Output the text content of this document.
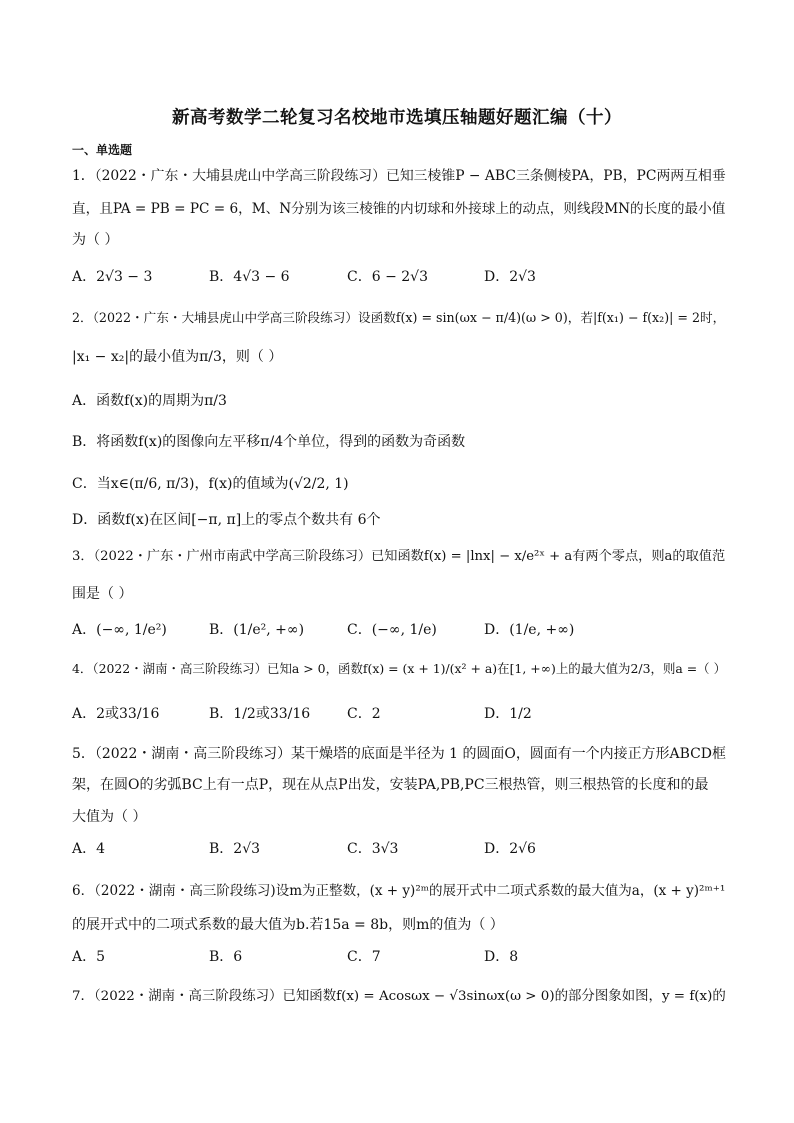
新高考数学二轮复习名校地市选填压轴题好题汇编（十）
一、单选题
1．（2022・广东・大埔县虎山中学高三阶段练习）已知三棱锥P − ABC三条侧棱PA，PB，PC两两互相垂
直，且PA = PB = PC = 6，M、N分别为该三棱锥的内切球和外接球上的动点，则线段MN的长度的最小值
为（ ）
A．2√3 − 3	B．4√3 − 6	C．6 − 2√3	D．2√3
2．（2022・广东・大埔县虎山中学高三阶段练习）设函数f(x) = sin(ωx − π/4)(ω > 0)，若|f(x₁) − f(x₂)| = 2时，
|x₁ − x₂|的最小值为π/3，则（ ）
A．函数f(x)的周期为π/3
B．将函数f(x)的图像向左平移π/4个单位，得到的函数为奇函数
C．当x∈(π/6, π/3)，f(x)的值域为(√2/2, 1)
D．函数f(x)在区间[−π, π]上的零点个数共有 6个
3．（2022・广东・广州市南武中学高三阶段练习）已知函数f(x) = |lnx| − x/e²ˣ + a有两个零点，则a的取值范
围是（ ）
A．(−∞, 1/e²)	B．(1/e², +∞)	C．(−∞, 1/e)	D．(1/e, +∞)
4．（2022・湖南・高三阶段练习）已知a > 0，函数f(x) = (x + 1)/(x² + a)在[1, +∞)上的最大值为2/3，则a =（ ）
A．2或33/16	B．1/2或33/16	C．2	D．1/2
5．（2022・湖南・高三阶段练习）某干燥塔的底面是半径为 1 的圆面O，圆面有一个内接正方形ABCD框
架，在圆O的劣弧BC上有一点P，现在从点P出发，安装PA,PB,PC三根热管，则三根热管的长度和的最
大值为（ ）
A．4	B．2√3	C．3√3	D．2√6
6．（2022・湖南・高三阶段练习)设m为正整数，(x + y)²ᵐ的展开式中二项式系数的最大值为a，(x + y)²ᵐ⁺¹
的展开式中的二项式系数的最大值为b.若15a = 8b，则m的值为（ ）
A．5	B．6	C．7	D．8
7．（2022・湖南・高三阶段练习）已知函数f(x) = Acosωx − √3sinωx(ω > 0)的部分图象如图，y = f(x)的
